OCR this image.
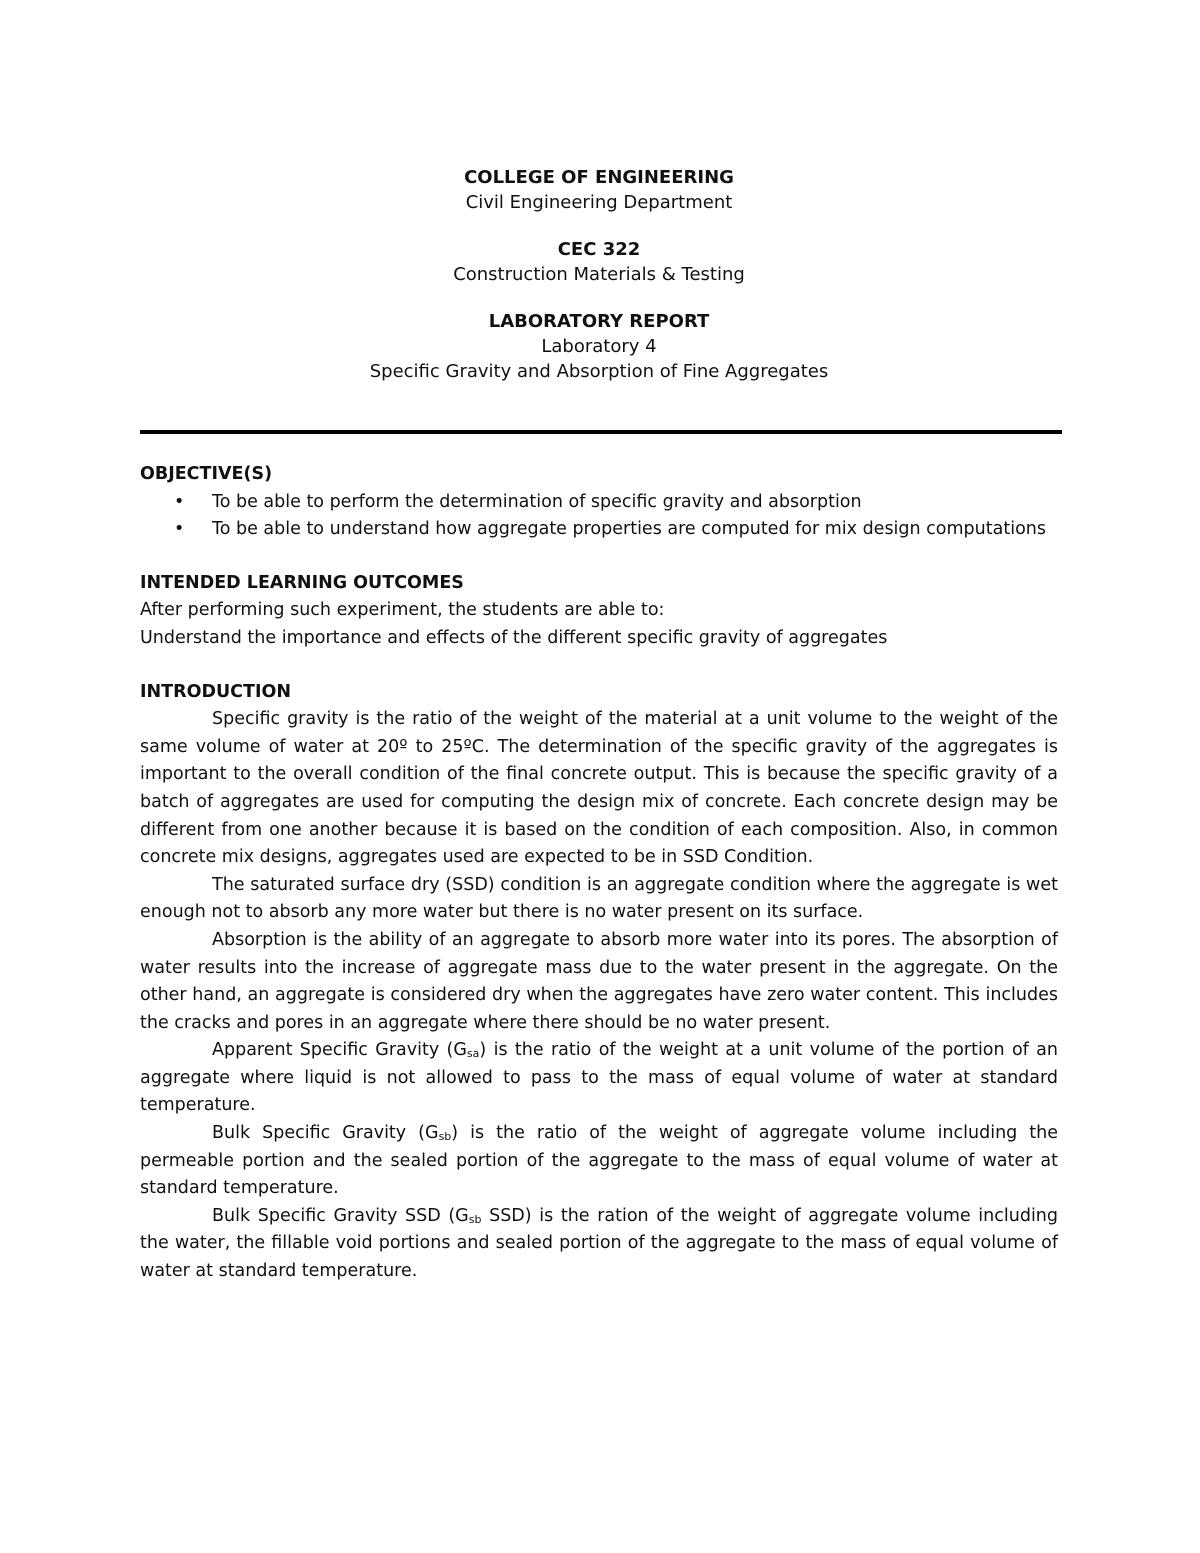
COLLEGE OF ENGINEERING
Civil Engineering Department
CEC 322
Construction Materials & Testing
LABORATORY REPORT
Laboratory 4
Specific Gravity and Absorption of Fine Aggregates

OBJECTIVE(S)

• To be able to perform the determination of specific gravity and absorption
• To be able to understand how aggregate properties are computed for mix design computations

INTENDED LEARNING OUTCOMES

After performing such experiment, the students are able to:

Understand the importance and effects of the different specific gravity of aggregates

INTRODUCTION

Specific gravity is the ratio of the weight of the material at a unit volume to the weight of the same volume of water at 20º to 25ºC. The determination of the specific gravity of the aggregates is important to the overall condition of the final concrete output. This is because the specific gravity of a batch of aggregates are used for computing the design mix of concrete. Each concrete design may be different from one another because it is based on the condition of each composition. Also, in common concrete mix designs, aggregates used are expected to be in SSD Condition.

The saturated surface dry (SSD) condition is an aggregate condition where the aggregate is wet enough not to absorb any more water but there is no water present on its surface.

Absorption is the ability of an aggregate to absorb more water into its pores. The absorption of water results into the increase of aggregate mass due to the water present in the aggregate. On the other hand, an aggregate is considered dry when the aggregates have zero water content. This includes the cracks and pores in an aggregate where there should be no water present.

Apparent Specific Gravity $(G_{sa})$ is the ratio of the weight at a unit volume of the portion of an aggregate where liquid is not allowed to pass to the mass of equal volume of water at standard temperature.

Bulk Specific Gravity $(G_{sb})$ is the ratio of the weight of aggregate volume including the permeable portion and the sealed portion of the aggregate to the mass of equal volume of water at standard temperature.

Bulk Specific Gravity SSD ($G_{sb}$ SSD) is the ration of the weight of aggregate volume including the water, the fillable void portions and sealed portion of the aggregate to the mass of equal volume of water at standard temperature.
